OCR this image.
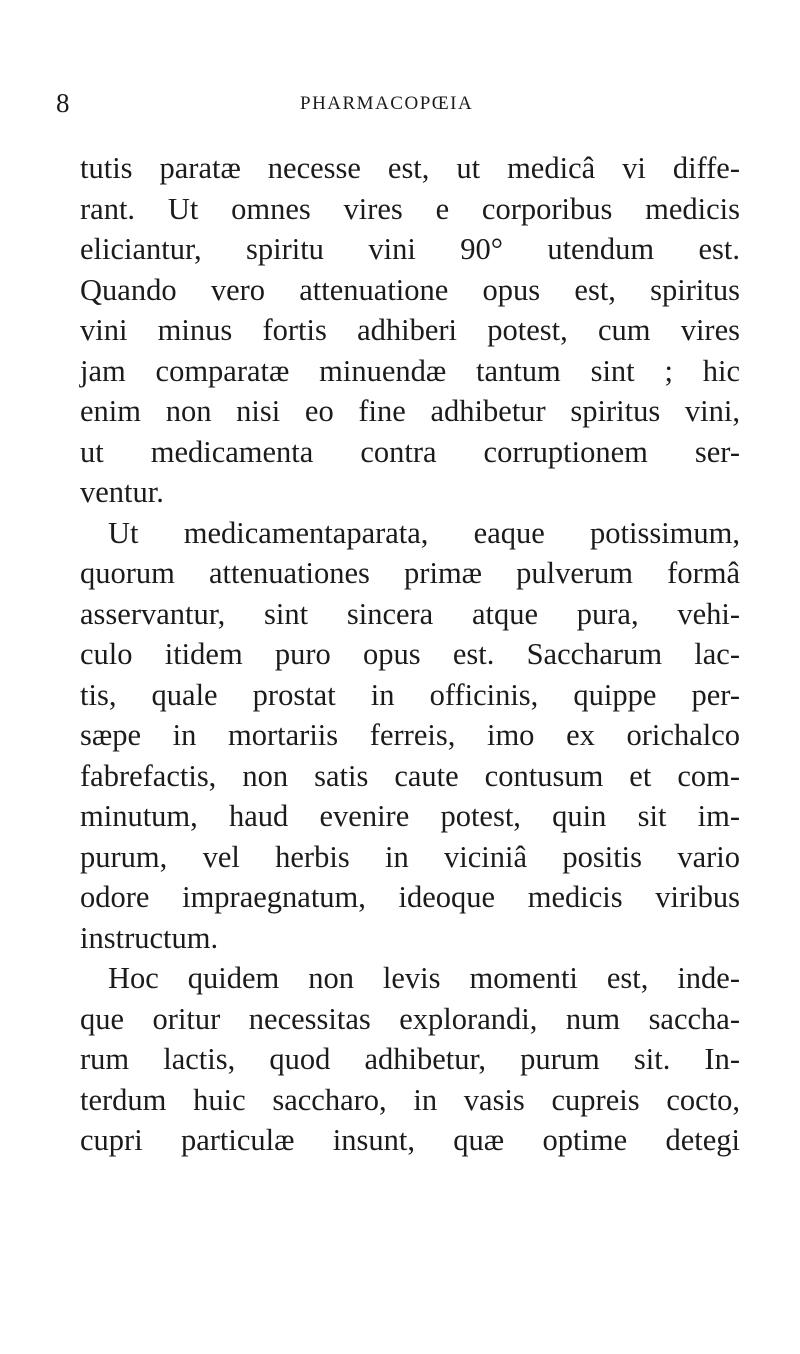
8	PHARMACOPŒIA
tutis paratæ necesse est, ut medicâ vi diffe-
rant. Ut omnes vires e corporibus medicis
eliciantur, spiritu vini 90° utendum est.
Quando vero attenuatione opus est, spiritus
vini minus fortis adhiberi potest, cum vires
jam comparatæ minuendæ tantum sint ; hic
enim non nisi eo fine adhibetur spiritus vini,
ut medicamenta contra corruptionem ser-
ventur.
Ut medicamentaparata, eaque potissimum,
quorum attenuationes primæ pulverum formâ
asservantur, sint sincera atque pura, vehi-
culo itidem puro opus est. Saccharum lac-
tis, quale prostat in officinis, quippe per-
sæpe in mortariis ferreis, imo ex orichalco
fabrefactis, non satis caute contusum et com-
minutum, haud evenire potest, quin sit im-
purum, vel herbis in viciniâ positis vario
odore impraegnatum, ideoque medicis viribus
instructum.
Hoc quidem non levis momenti est, inde-
que oritur necessitas explorandi, num saccha-
rum lactis, quod adhibetur, purum sit. In-
terdum huic saccharo, in vasis cupreis cocto,
cupri particulæ insunt, quæ optime detegi
